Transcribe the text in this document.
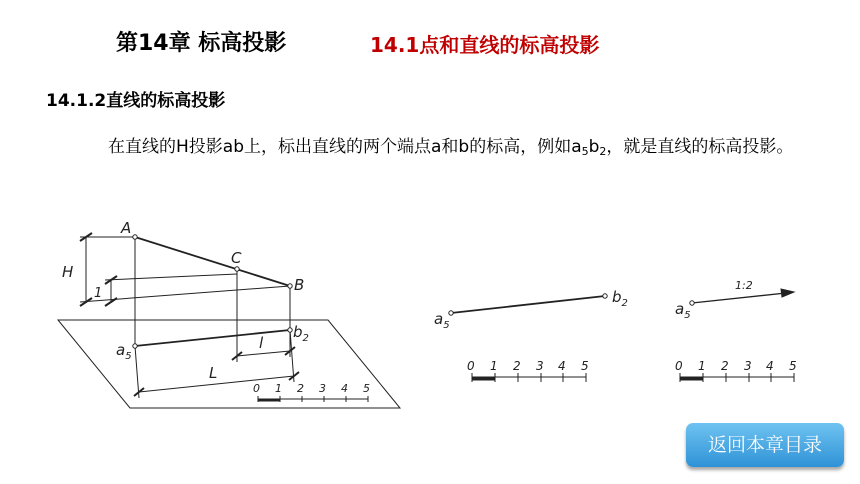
第14章 标高投影	14.1点和直线的标高投影
14.1.2直线的标高投影
在直线的H投影ab上，标出直线的两个端点a和b的标高，例如$a_5b_2$，就是直线的标高投影。
A
C
B
H
1
$a_5$
$b_2$
l
L
0 1 2 3 4 5
$a_5$
$b_2$
0 1 2 3 4 5
$a_5$
1:2
0 1 2 3 4 5
返回本章目录
